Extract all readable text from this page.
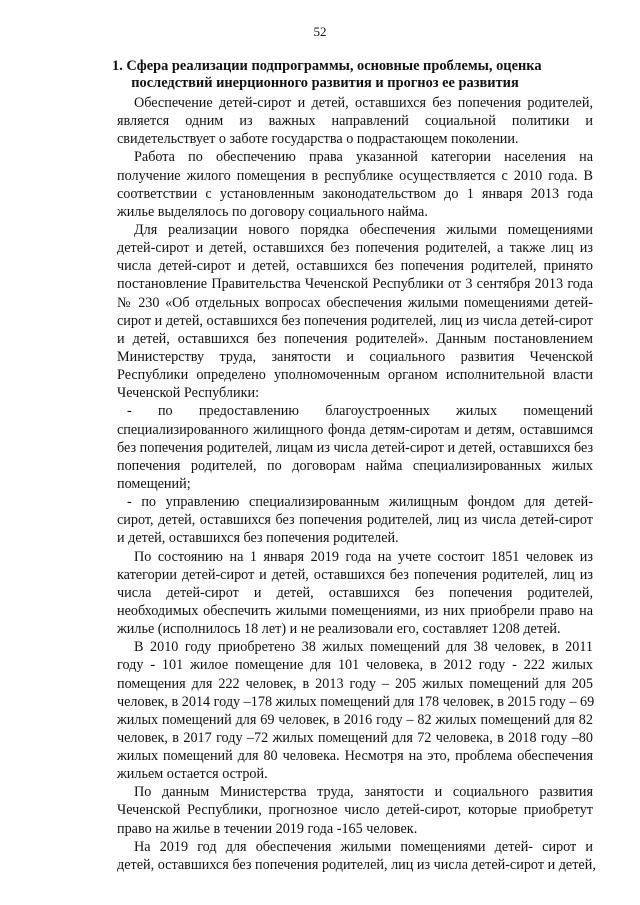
52
1. Сфера реализации подпрограммы, основные проблемы, оценка
последствий инерционного развития и прогноз ее развития
Обеспечение детей-сирот и детей, оставшихся без попечения родителей,
является одним из важных направлений социальной политики и
свидетельствует о заботе государства о подрастающем поколении.
Работа по обеспечению права указанной категории населения на
получение жилого помещения в республике осуществляется с 2010 года. В
соответствии с установленным законодательством до 1 января 2013 года
жилье выделялось по договору социального найма.
Для реализации нового порядка обеспечения жилыми помещениями
детей-сирот и детей, оставшихся без попечения родителей, а также лиц из
числа детей-сирот и детей, оставшихся без попечения родителей, принято
постановление Правительства Чеченской Республики от 3 сентября 2013 года
№ 230 «Об отдельных вопросах обеспечения жилыми помещениями детей-
сирот и детей, оставшихся без попечения родителей, лиц из числа детей-сирот
и детей, оставшихся без попечения родителей». Данным постановлением
Министерству труда, занятости и социального развития Чеченской
Республики определено уполномоченным органом исполнительной власти
Чеченской Республики:
- по предоставлению благоустроенных жилых помещений
специализированного жилищного фонда детям-сиротам и детям, оставшимся
без попечения родителей, лицам из числа детей-сирот и детей, оставшихся без
попечения родителей, по договорам найма специализированных жилых
помещений;
- по управлению специализированным жилищным фондом для детей-
сирот, детей, оставшихся без попечения родителей, лиц из числа детей-сирот
и детей, оставшихся без попечения родителей.
По состоянию на 1 января 2019 года на учете состоит 1851 человек из
категории детей-сирот и детей, оставшихся без попечения родителей, лиц из
числа детей-сирот и детей, оставшихся без попечения родителей,
необходимых обеспечить жилыми помещениями, из них приобрели право на
жилье (исполнилось 18 лет) и не реализовали его, составляет 1208 детей.
В 2010 году приобретено 38 жилых помещений для 38 человек, в 2011
году - 101 жилое помещение для 101 человека, в 2012 году - 222 жилых
помещения для 222 человек, в 2013 году – 205 жилых помещений для 205
человек, в 2014 году –178 жилых помещений для 178 человек, в 2015 году – 69
жилых помещений для 69 человек, в 2016 году – 82 жилых помещений для 82
человек, в 2017 году –72 жилых помещений для 72 человека, в 2018 году –80
жилых помещений для 80 человека. Несмотря на это, проблема обеспечения
жильем остается острой.
По данным Министерства труда, занятости и социального развития
Чеченской Республики, прогнозное число детей-сирот, которые приобретут
право на жилье в течении 2019 года -165 человек.
На 2019 год для обеспечения жилыми помещениями детей- сирот и
детей, оставшихся без попечения родителей, лиц из числа детей-сирот и детей,
